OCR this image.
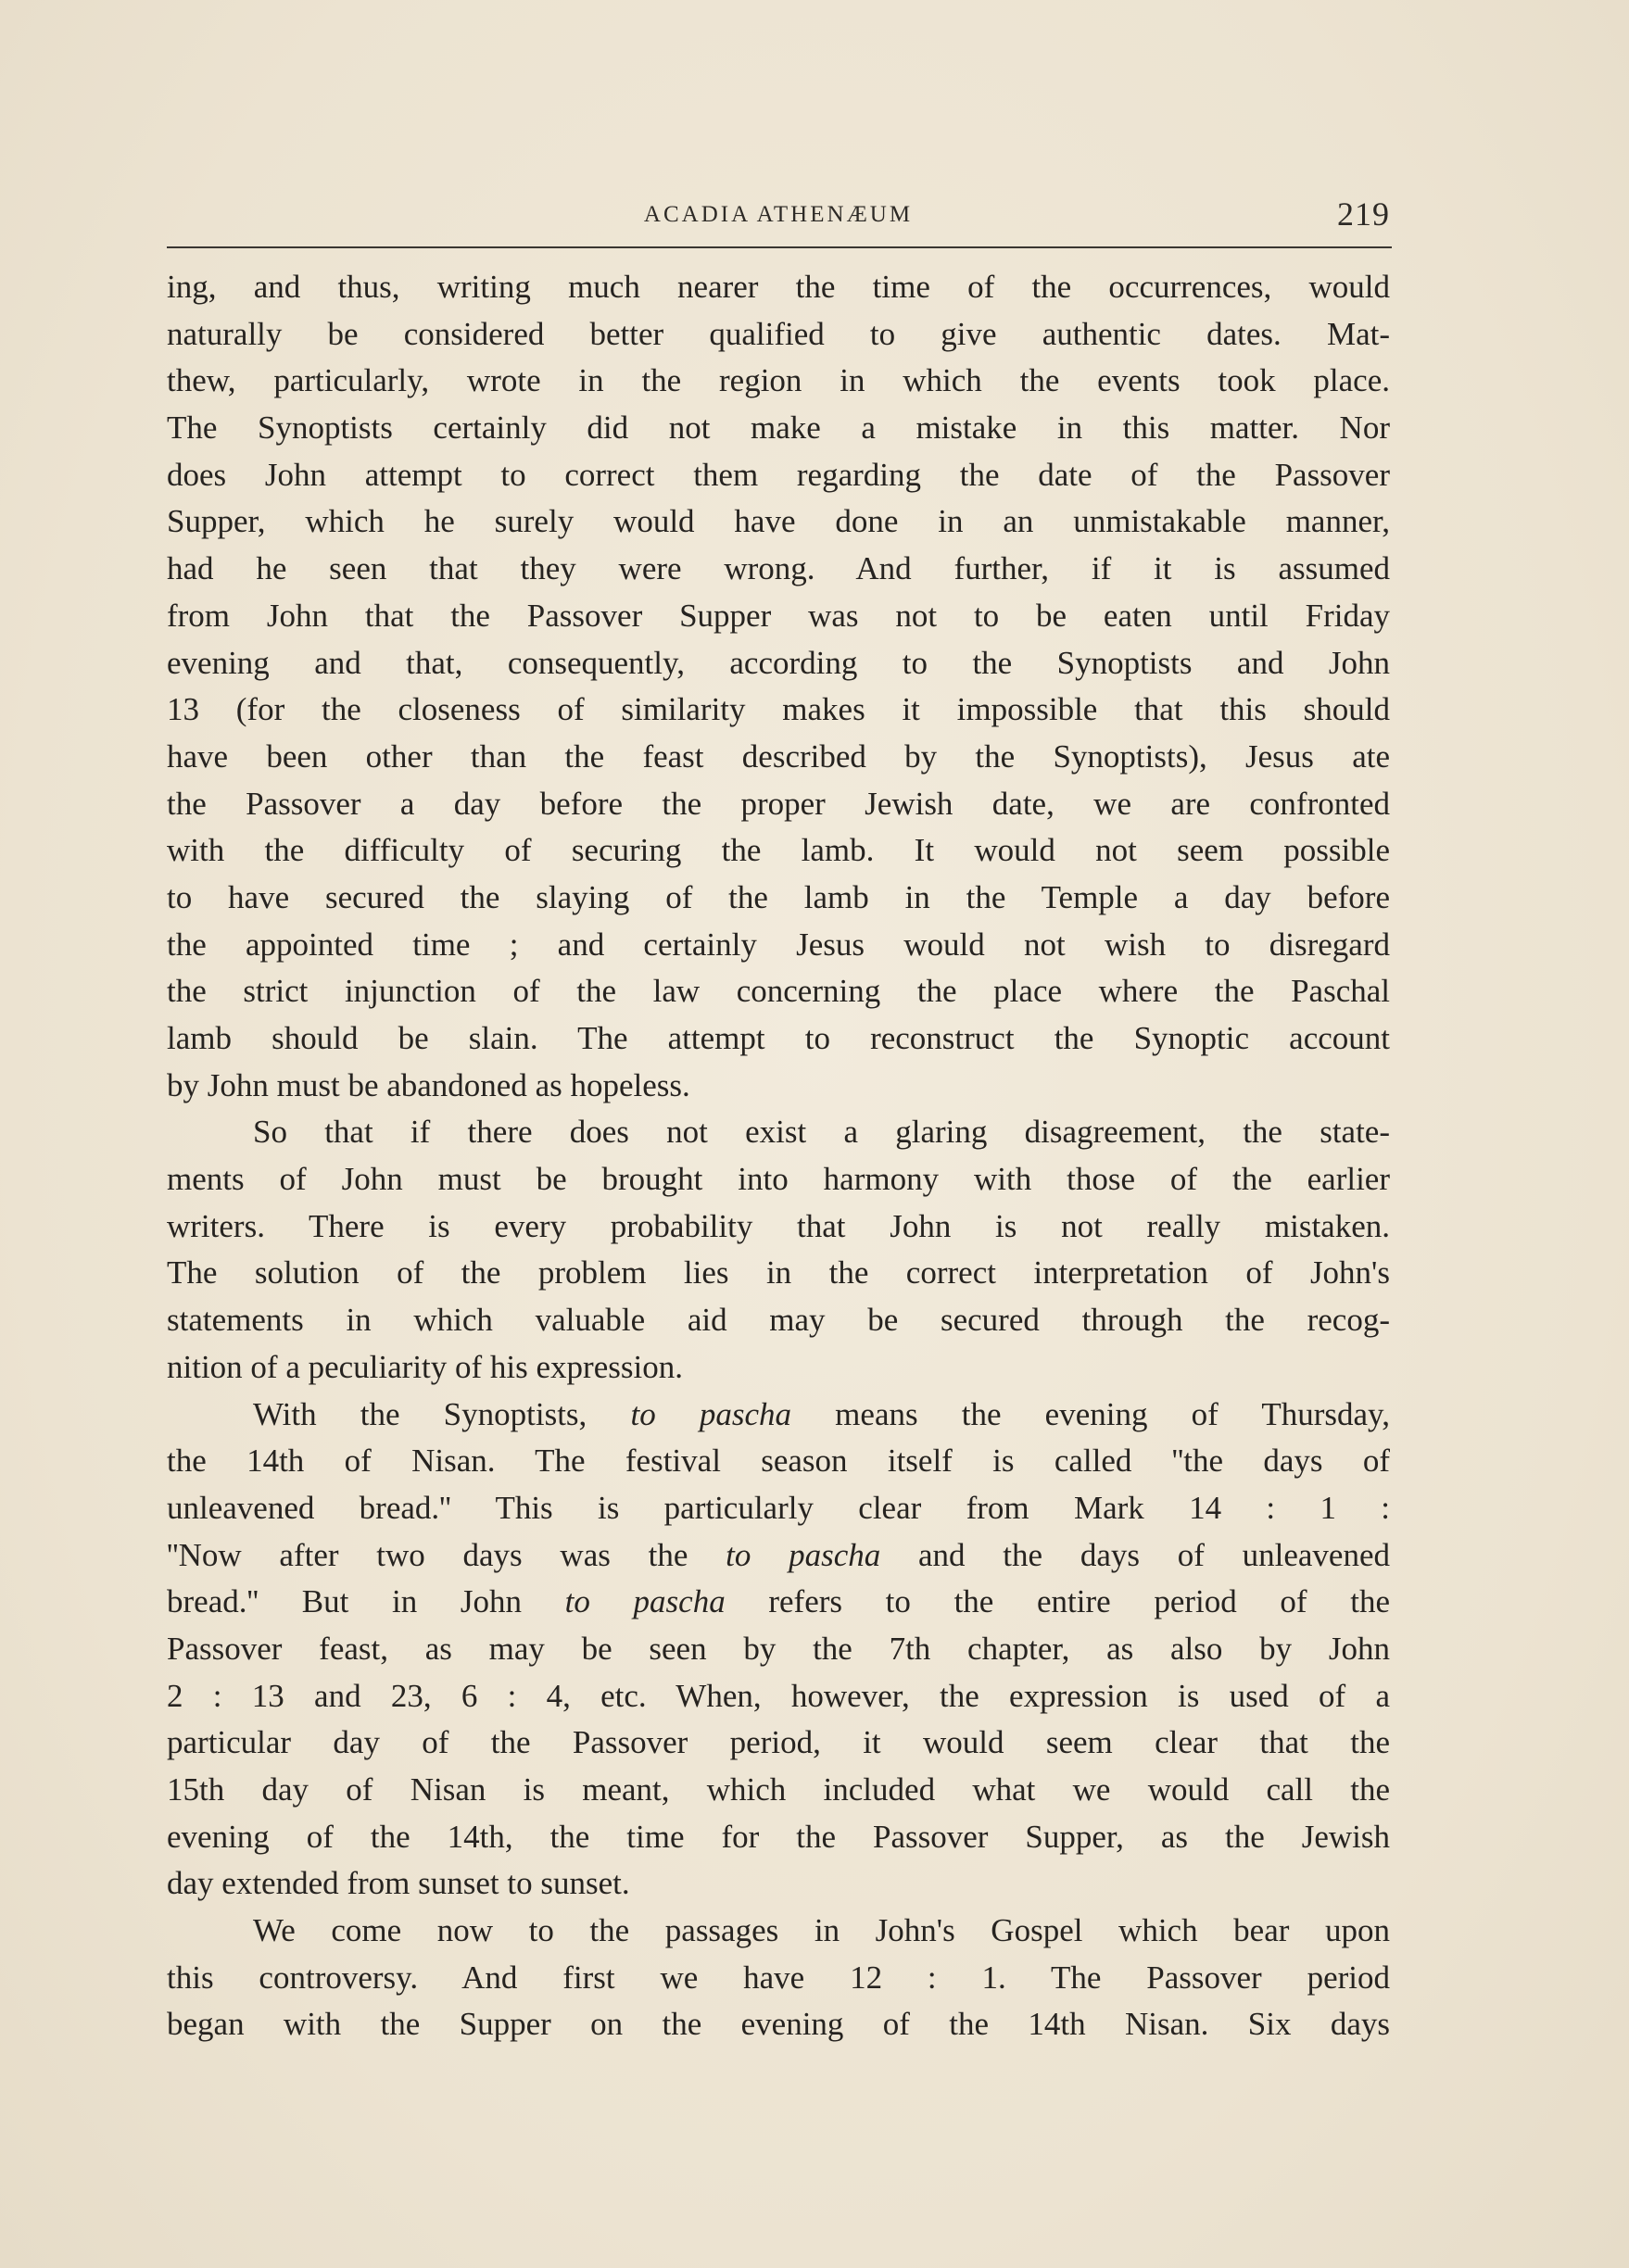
ACADIA ATHENÆUM	219
ing, and thus, writing much nearer the time of the occurrences, would
naturally be considered better qualified to give authentic dates. Mat-
thew, particularly, wrote in the region in which the events took place.
The Synoptists certainly did not make a mistake in this matter. Nor
does John attempt to correct them regarding the date of the Passover
Supper, which he surely would have done in an unmistakable manner,
had he seen that they were wrong. And further, if it is assumed
from John that the Passover Supper was not to be eaten until Friday
evening and that, consequently, according to the Synoptists and John
13 (for the closeness of similarity makes it impossible that this should
have been other than the feast described by the Synoptists), Jesus ate
the Passover a day before the proper Jewish date, we are confronted
with the difficulty of securing the lamb. It would not seem possible
to have secured the slaying of the lamb in the Temple a day before
the appointed time ; and certainly Jesus would not wish to disregard
the strict injunction of the law concerning the place where the Paschal
lamb should be slain. The attempt to reconstruct the Synoptic account
by John must be abandoned as hopeless.
So that if there does not exist a glaring disagreement, the state-
ments of John must be brought into harmony with those of the earlier
writers. There is every probability that John is not really mistaken.
The solution of the problem lies in the correct interpretation of John's
statements in which valuable aid may be secured through the recog-
nition of a peculiarity of his expression.
With the Synoptists, to pascha means the evening of Thursday,
the 14th of Nisan. The festival season itself is called ''the days of
unleavened bread.'' This is particularly clear from Mark 14 : 1 :
''Now after two days was the to pascha and the days of unleavened
bread.'' But in John to pascha refers to the entire period of the
Passover feast, as may be seen by the 7th chapter, as also by John
2 : 13 and 23, 6 : 4, etc. When, however, the expression is used of a
particular day of the Passover period, it would seem clear that the
15th day of Nisan is meant, which included what we would call the
evening of the 14th, the time for the Passover Supper, as the Jewish
day extended from sunset to sunset.
We come now to the passages in John's Gospel which bear upon
this controversy. And first we have 12 : 1. The Passover period
began with the Supper on the evening of the 14th Nisan. Six days
